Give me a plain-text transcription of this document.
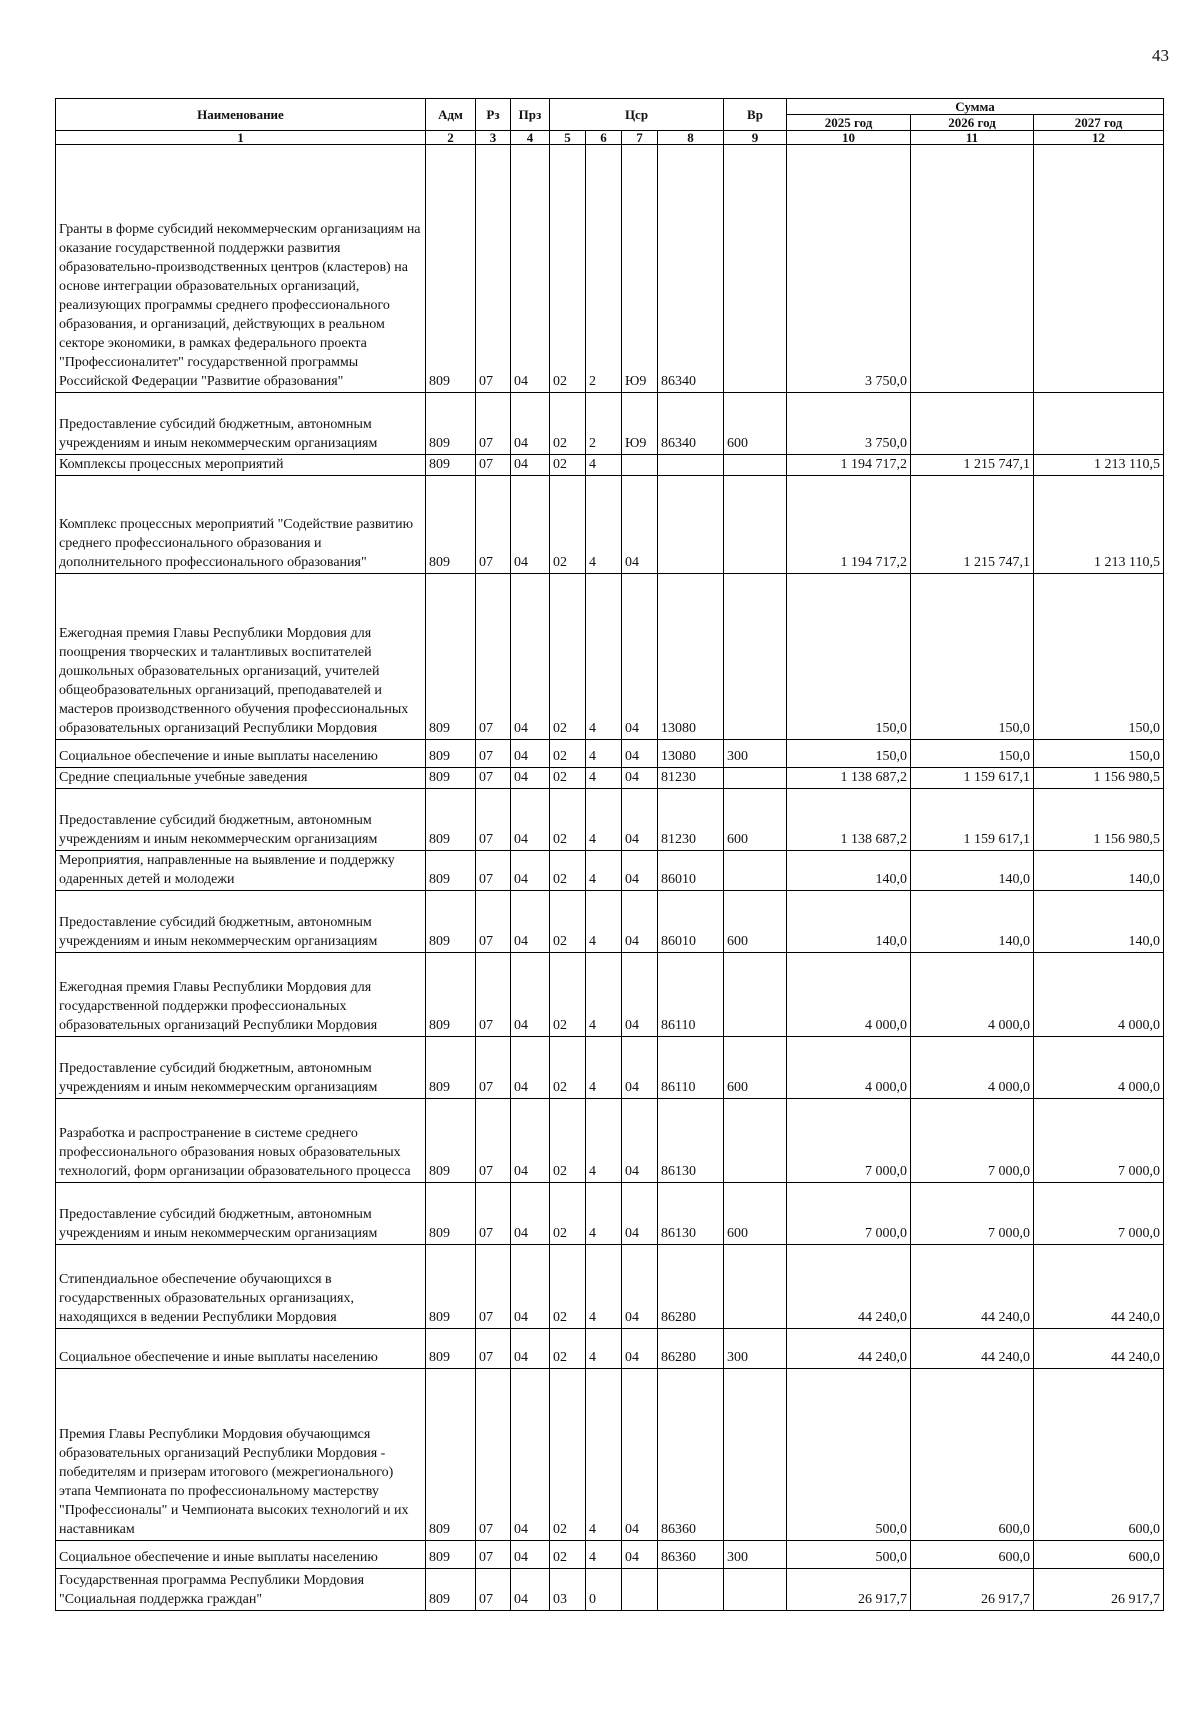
43
Наименование	Адм	Рз	Прз	Цср				Вр	Сумма		
									2025 год	2026 год	2027 год
1	2	3	4	5	6	7	8	9	10	11	12
Гранты в форме субсидий некоммерческим организациям на оказание государственной поддержки развития образовательно-производственных центров (кластеров) на основе интеграции образовательных организаций, реализующих программы среднего профессионального образования, и организаций, действующих в реальном секторе экономики, в рамках федерального проекта "Профессионалитет" государственной программы Российской Федерации "Развитие образования"	809	07	04	02	2	Ю9	86340		3 750,0		
Предоставление субсидий бюджетным, автономным учреждениям и иным некоммерческим организациям	809	07	04	02	2	Ю9	86340	600	3 750,0		
Комплексы процессных мероприятий	809	07	04	02	4				1 194 717,2	1 215 747,1	1 213 110,5
Комплекс процессных мероприятий "Содействие развитию среднего профессионального образования и дополнительного профессионального образования"	809	07	04	02	4	04			1 194 717,2	1 215 747,1	1 213 110,5
Ежегодная премия Главы Республики Мордовия для поощрения творческих и талантливых воспитателей дошкольных образовательных организаций, учителей общеобразовательных организаций, преподавателей и мастеров производственного обучения профессиональных образовательных организаций Республики Мордовия	809	07	04	02	4	04	13080		150,0	150,0	150,0
Социальное обеспечение и иные выплаты населению	809	07	04	02	4	04	13080	300	150,0	150,0	150,0
Средние специальные учебные заведения	809	07	04	02	4	04	81230		1 138 687,2	1 159 617,1	1 156 980,5
Предоставление субсидий бюджетным, автономным учреждениям и иным некоммерческим организациям	809	07	04	02	4	04	81230	600	1 138 687,2	1 159 617,1	1 156 980,5
Мероприятия, направленные на выявление и поддержку одаренных детей и молодежи	809	07	04	02	4	04	86010		140,0	140,0	140,0
Предоставление субсидий бюджетным, автономным учреждениям и иным некоммерческим организациям	809	07	04	02	4	04	86010	600	140,0	140,0	140,0
Ежегодная премия Главы Республики Мордовия для государственной поддержки профессиональных образовательных организаций Республики Мордовия	809	07	04	02	4	04	86110		4 000,0	4 000,0	4 000,0
Предоставление субсидий бюджетным, автономным учреждениям и иным некоммерческим организациям	809	07	04	02	4	04	86110	600	4 000,0	4 000,0	4 000,0
Разработка и распространение в системе среднего профессионального образования новых образовательных технологий, форм организации образовательного процесса	809	07	04	02	4	04	86130		7 000,0	7 000,0	7 000,0
Предоставление субсидий бюджетным, автономным учреждениям и иным некоммерческим организациям	809	07	04	02	4	04	86130	600	7 000,0	7 000,0	7 000,0
Стипендиальное обеспечение обучающихся в государственных образовательных организациях, находящихся в ведении Республики Мордовия	809	07	04	02	4	04	86280		44 240,0	44 240,0	44 240,0
Социальное обеспечение и иные выплаты населению	809	07	04	02	4	04	86280	300	44 240,0	44 240,0	44 240,0
Премия Главы Республики Мордовия обучающимся образовательных организаций Республики Мордовия - победителям и призерам итогового (межрегионального) этапа Чемпионата по профессиональному мастерству "Профессионалы" и Чемпионата высоких технологий и их наставникам	809	07	04	02	4	04	86360		500,0	600,0	600,0
Социальное обеспечение и иные выплаты населению	809	07	04	02	4	04	86360	300	500,0	600,0	600,0
Государственная программа Республики Мордовия "Социальная поддержка граждан"	809	07	04	03	0				26 917,7	26 917,7	26 917,7
